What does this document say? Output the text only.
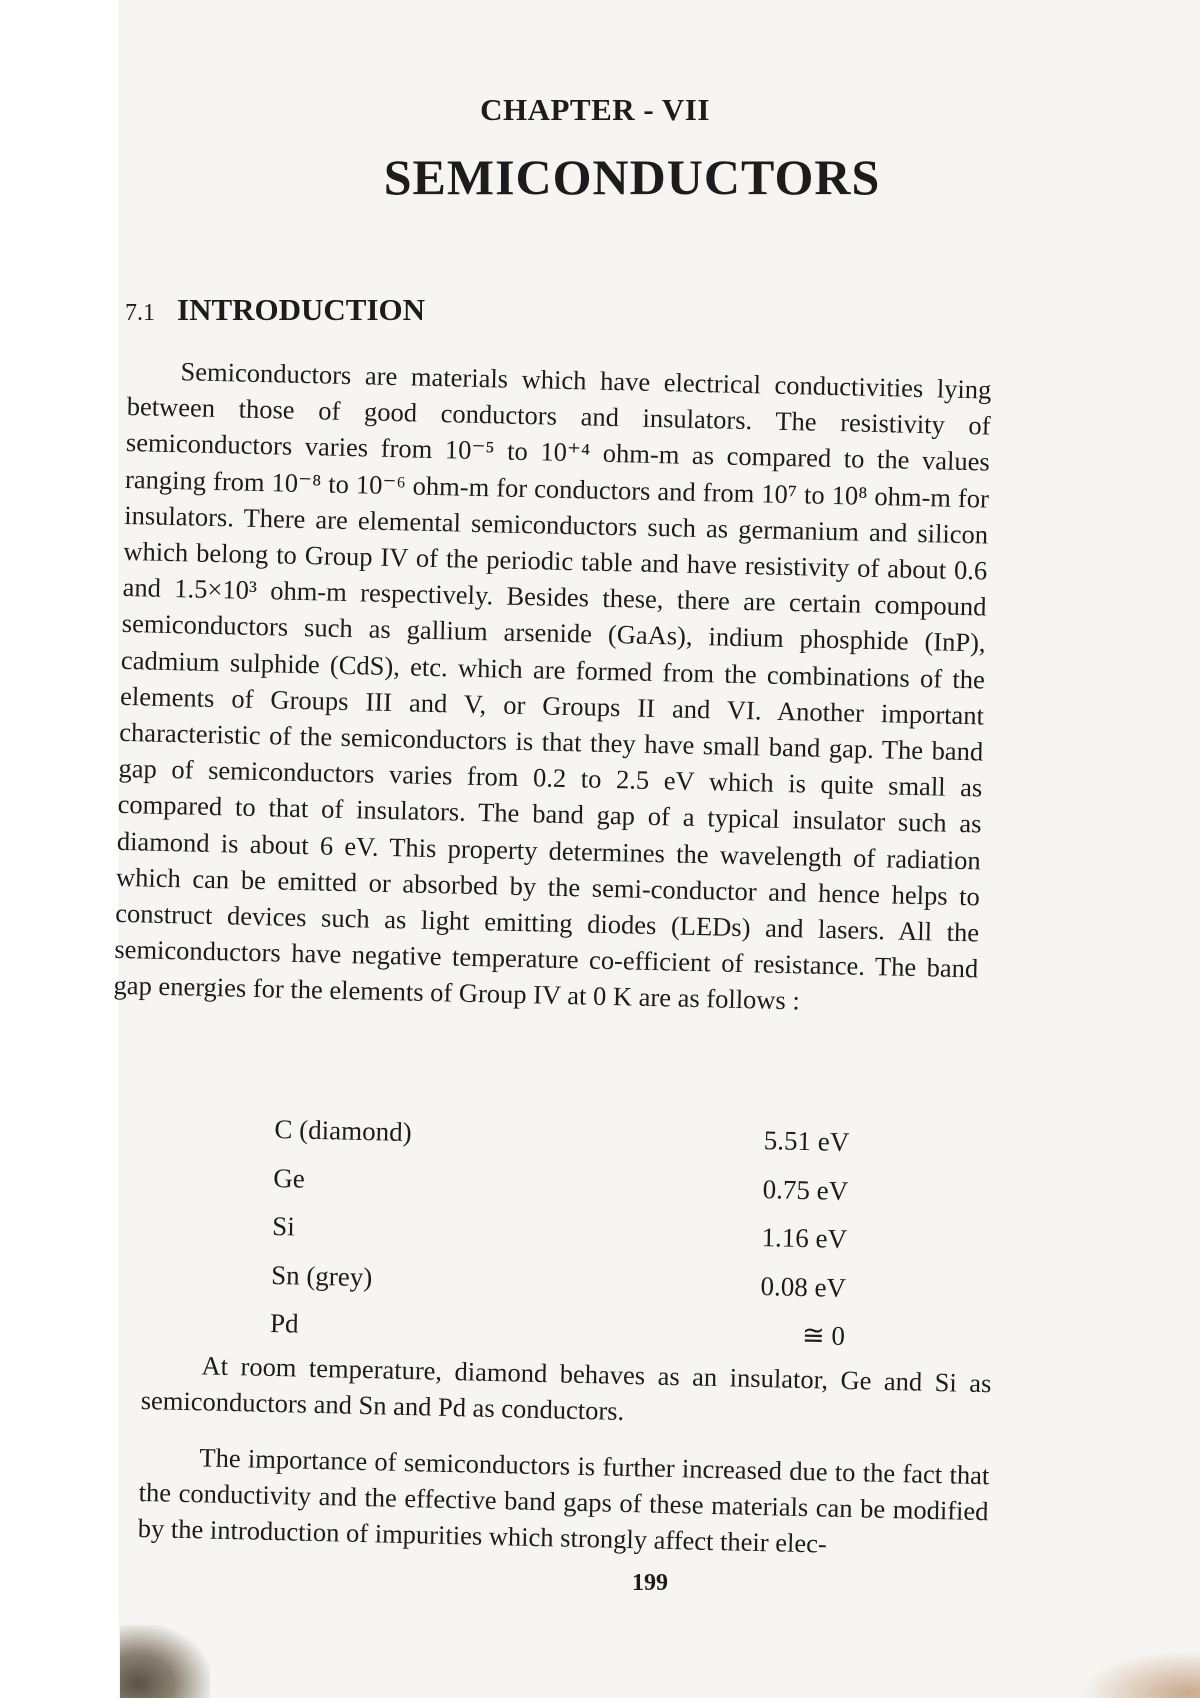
CHAPTER - VII
SEMICONDUCTORS
7.1 INTRODUCTION

Semiconductors are materials which have electrical conductivities lying between those of good conductors and insulators. The resistivity of semiconductors varies from 10⁻⁵ to 10⁺⁴ ohm-m as compared to the values ranging from 10⁻⁸ to 10⁻⁶ ohm-m for conductors and from 10⁷ to 10⁸ ohm-m for insulators. There are elemental semiconductors such as germanium and silicon which belong to Group IV of the periodic table and have resistivity of about 0.6 and 1.5×10³ ohm-m respectively. Besides these, there are certain compound semiconductors such as gallium arsenide (GaAs), indium phosphide (InP), cadmium sulphide (CdS), etc. which are formed from the combinations of the elements of Groups III and V, or Groups II and VI. Another important characteristic of the semiconductors is that they have small band gap. The band gap of semiconductors varies from 0.2 to 2.5 eV which is quite small as compared to that of insulators. The band gap of a typical insulator such as diamond is about 6 eV. This property determines the wavelength of radiation which can be emitted or absorbed by the semi-conductor and hence helps to construct devices such as light emitting diodes (LEDs) and lasers. All the semiconductors have negative temperature co-efficient of resistance. The band gap energies for the elements of Group IV at 0 K are as follows :

C (diamond)	5.51 eV
Ge	0.75 eV
Si	1.16 eV
Sn (grey)	0.08 eV
Pd	≅ 0

At room temperature, diamond behaves as an insulator, Ge and Si as semiconductors and Sn and Pd as conductors.

The importance of semiconductors is further increased due to the fact that the conductivity and the effective band gaps of these materials can be modified by the introduction of impurities which strongly affect their elec-

199
